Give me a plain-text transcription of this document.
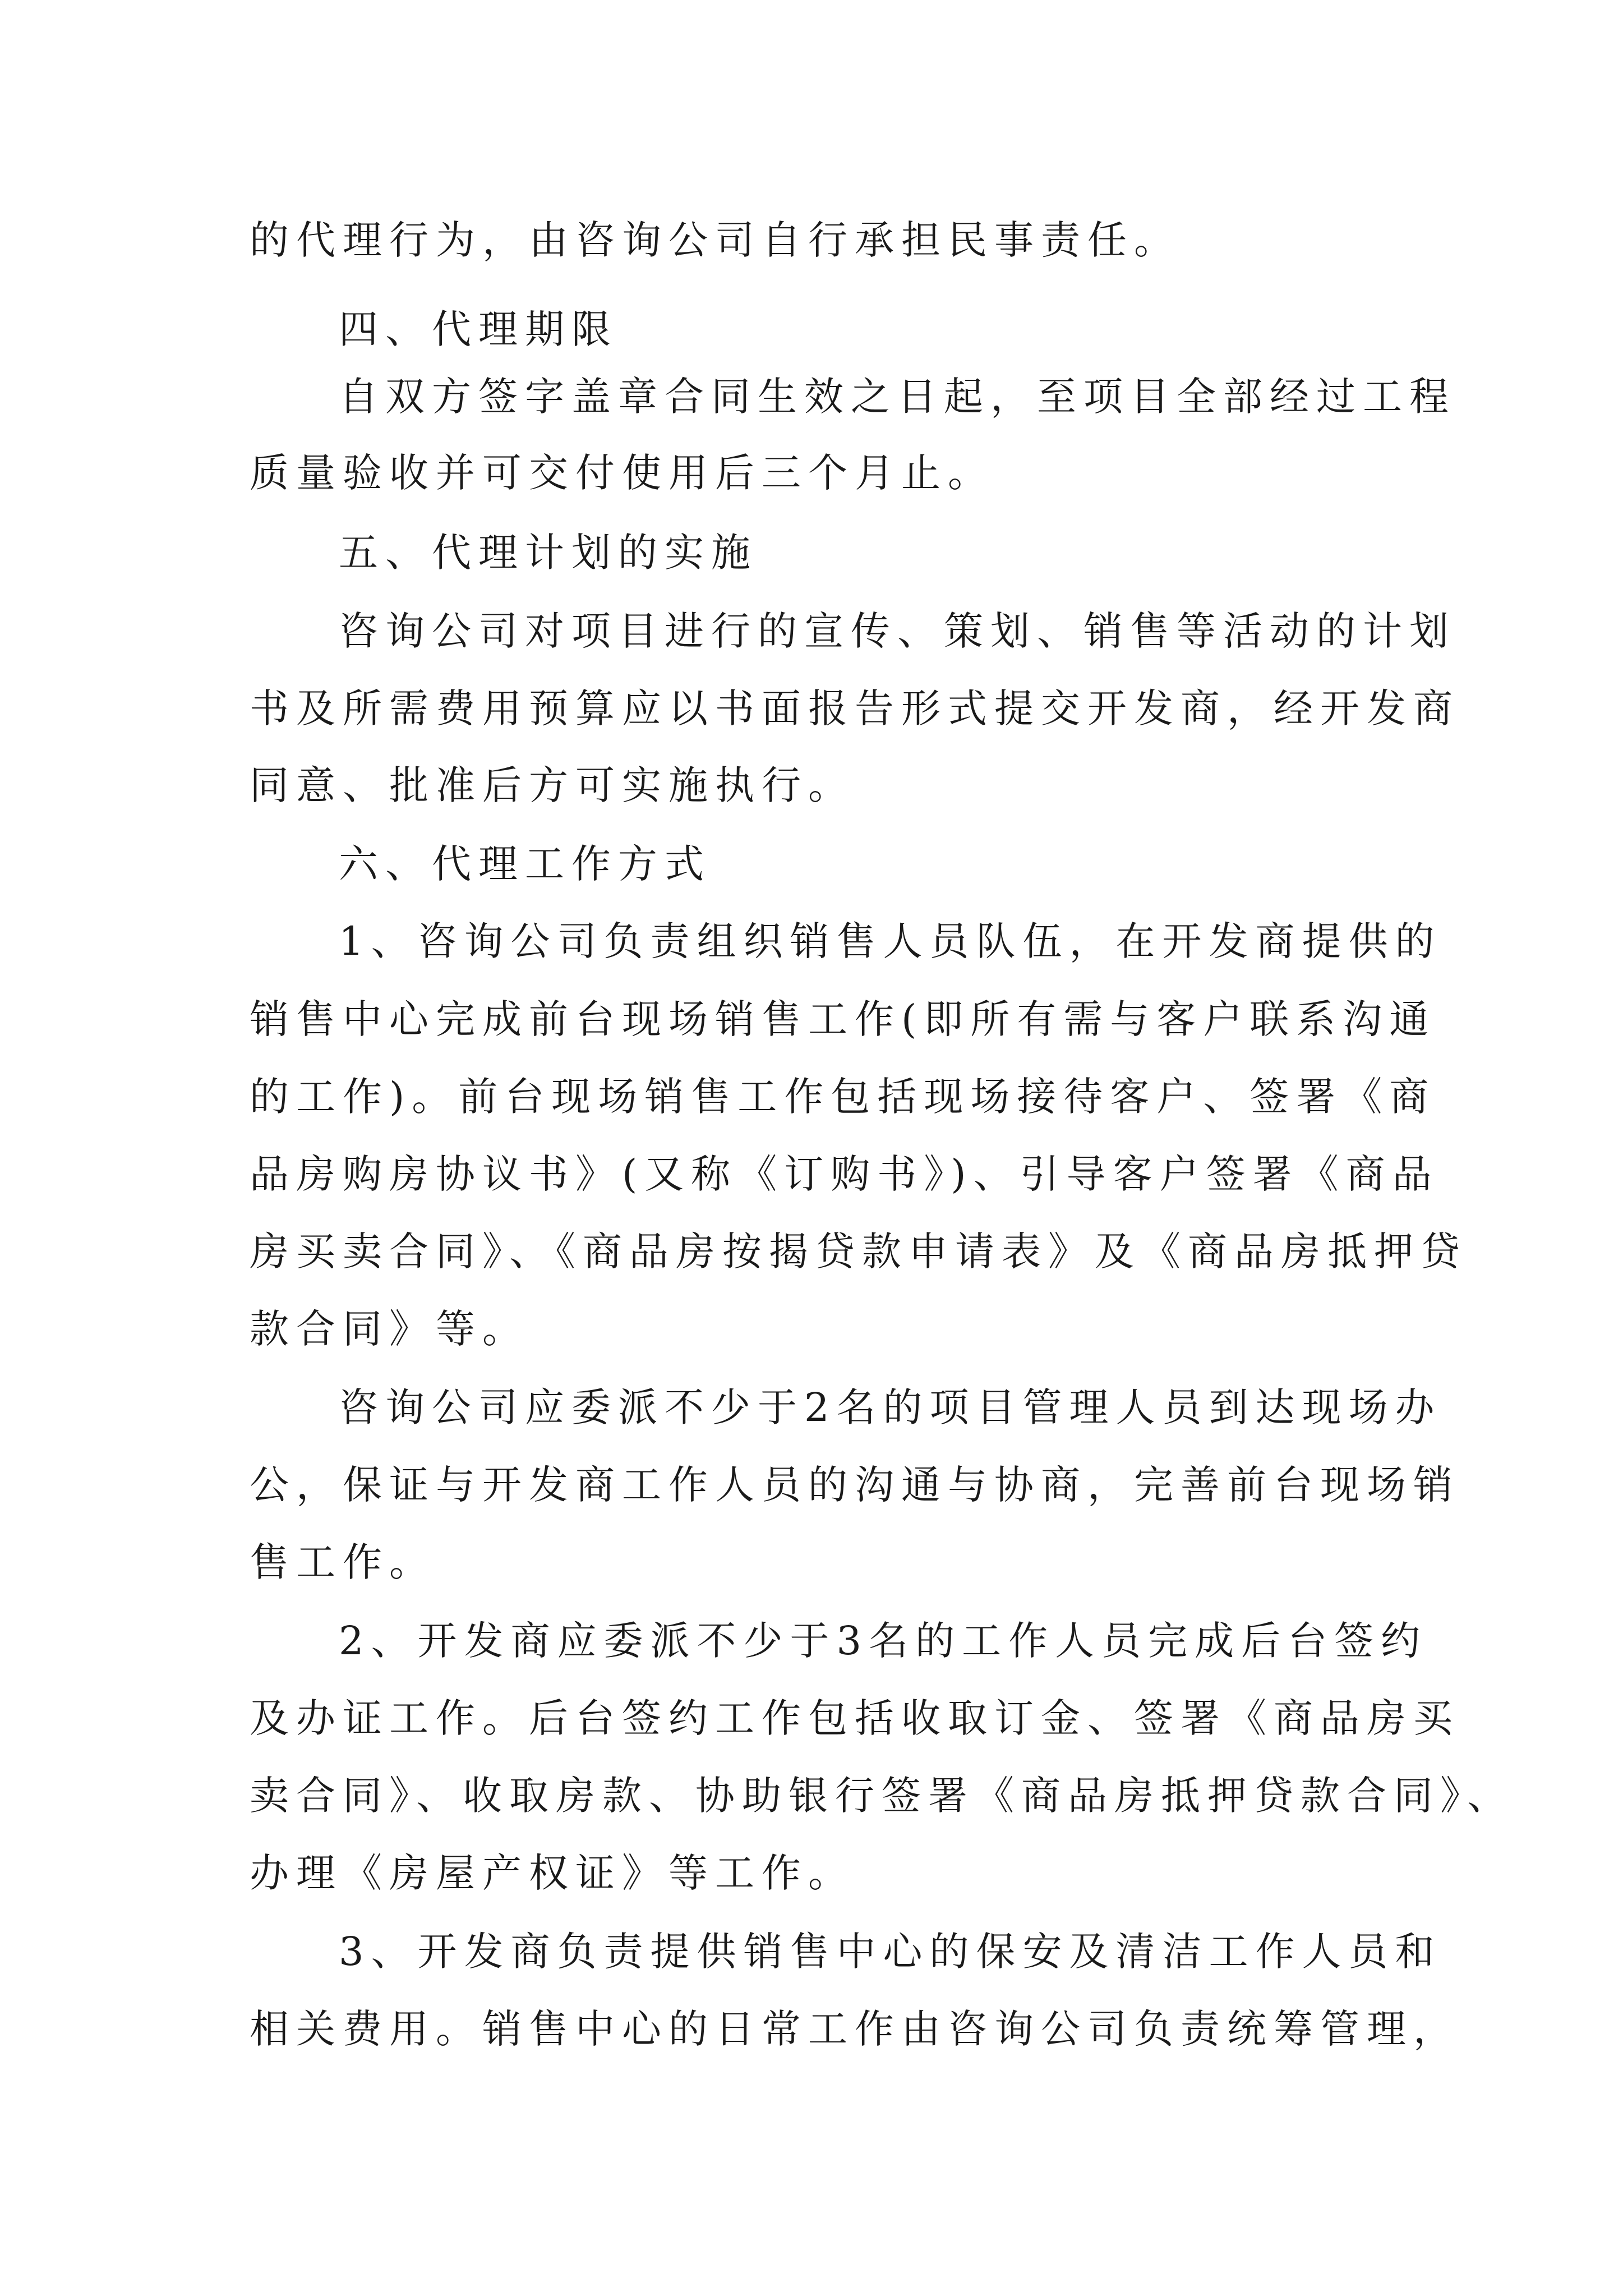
的代理行为，由咨询公司自行承担民事责任。
四、代理期限
自双方签字盖章合同生效之日起，至项目全部经过工程
质量验收并可交付使用后三个月止。
五、代理计划的实施
咨询公司对项目进行的宣传、策划、销售等活动的计划
书及所需费用预算应以书面报告形式提交开发商，经开发商
同意、批准后方可实施执行。
六、代理工作方式
1、咨询公司负责组织销售人员队伍，在开发商提供的
销售中心完成前台现场销售工作(即所有需与客户联系沟通
的工作)。前台现场销售工作包括现场接待客户、签署《商
品房购房协议书》(又称《订购书》)、引导客户签署《商品
房买卖合同》、《商品房按揭贷款申请表》及《商品房抵押贷
款合同》等。
咨询公司应委派不少于2名的项目管理人员到达现场办
公，保证与开发商工作人员的沟通与协商，完善前台现场销
售工作。
2、开发商应委派不少于3名的工作人员完成后台签约
及办证工作。后台签约工作包括收取订金、签署《商品房买
卖合同》、收取房款、协助银行签署《商品房抵押贷款合同》、
办理《房屋产权证》等工作。
3、开发商负责提供销售中心的保安及清洁工作人员和
相关费用。销售中心的日常工作由咨询公司负责统筹管理，
